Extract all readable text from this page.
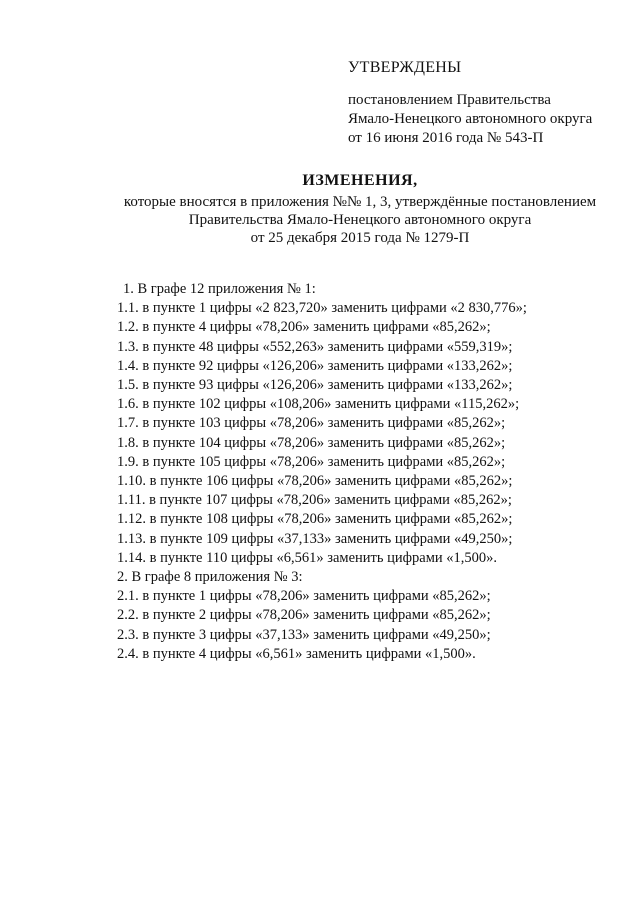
УТВЕРЖДЕНЫ
постановлением Правительства
Ямало-Ненецкого автономного округа
от 16 июня 2016 года № 543-П
ИЗМЕНЕНИЯ,
которые вносятся в приложения №№ 1, 3, утверждённые постановлением
Правительства Ямало-Ненецкого автономного округа
от 25 декабря 2015 года № 1279-П
1. В графе 12 приложения № 1:
1.1. в пункте 1 цифры «2 823,720» заменить цифрами «2 830,776»;
1.2. в пункте 4 цифры «78,206» заменить цифрами «85,262»;
1.3. в пункте 48 цифры «552,263» заменить цифрами «559,319»;
1.4. в пункте 92 цифры «126,206» заменить цифрами «133,262»;
1.5. в пункте 93 цифры «126,206» заменить цифрами «133,262»;
1.6. в пункте 102 цифры «108,206» заменить цифрами «115,262»;
1.7. в пункте 103 цифры «78,206» заменить цифрами «85,262»;
1.8. в пункте 104 цифры «78,206» заменить цифрами «85,262»;
1.9. в пункте 105 цифры «78,206» заменить цифрами «85,262»;
1.10. в пункте 106 цифры «78,206» заменить цифрами «85,262»;
1.11. в пункте 107 цифры «78,206» заменить цифрами «85,262»;
1.12. в пункте 108 цифры «78,206» заменить цифрами «85,262»;
1.13. в пункте 109 цифры «37,133» заменить цифрами «49,250»;
1.14. в пункте 110 цифры «6,561» заменить цифрами «1,500».
2. В графе 8 приложения № 3:
2.1. в пункте 1 цифры «78,206» заменить цифрами «85,262»;
2.2. в пункте 2 цифры «78,206» заменить цифрами «85,262»;
2.3. в пункте 3 цифры «37,133» заменить цифрами «49,250»;
2.4. в пункте 4 цифры «6,561» заменить цифрами «1,500».
